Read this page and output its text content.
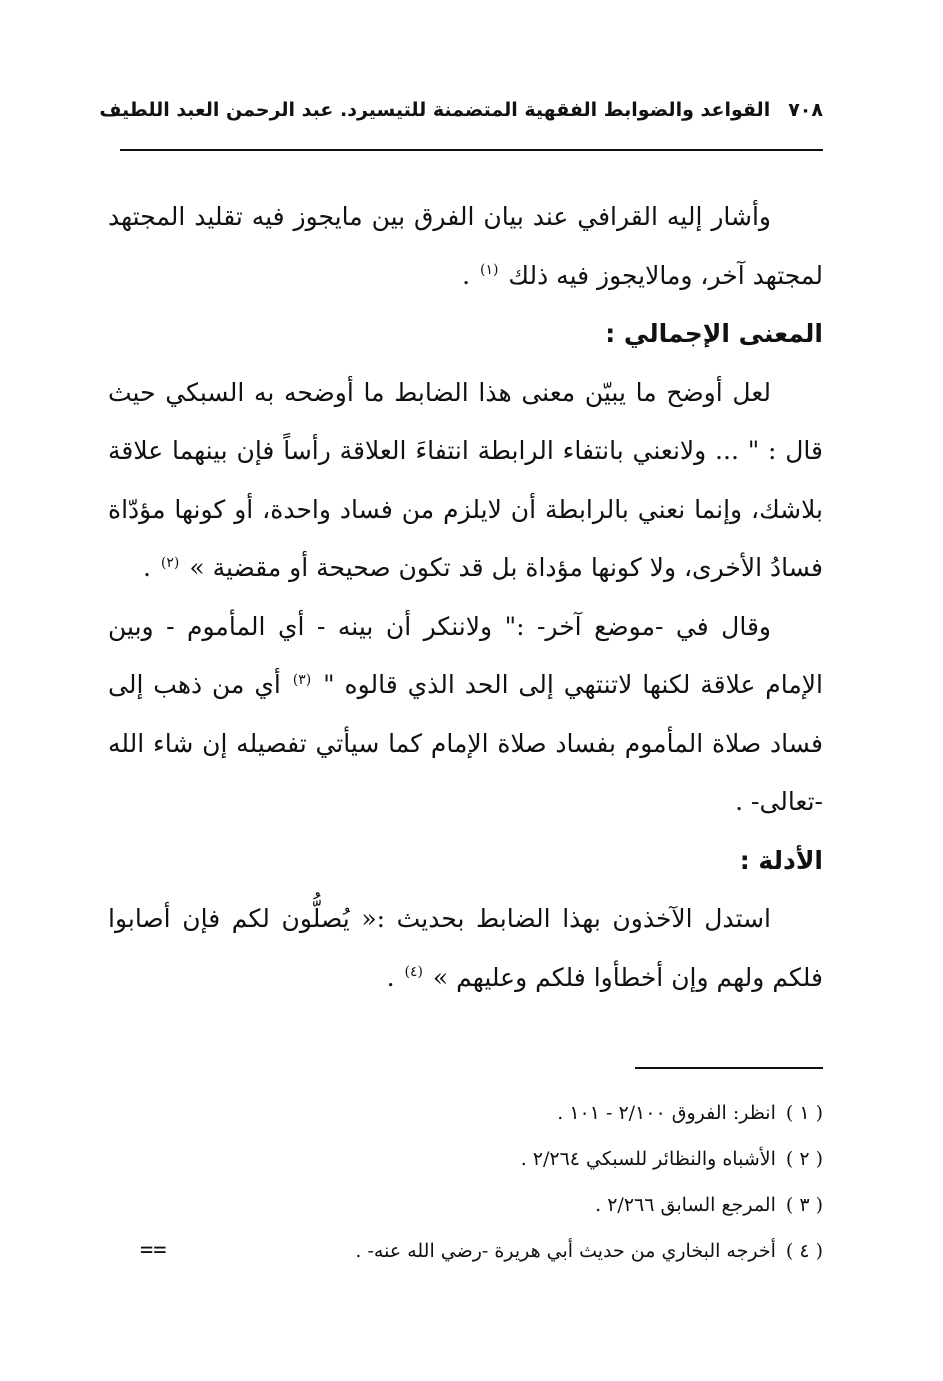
٧٠٨
القواعد والضوابط الفقهية المتضمنة للتيسير
د. عبد الرحمن العبد اللطيف

وأشار إليه القرافي عند بيان الفرق بين مايجوز فيه تقليد المجتهد لمجتهد آخر، ومالايجوز فيه ذلك $^{(١)}$ .

المعنى الإجمالي :

لعل أوضح ما يبيّن معنى هذا الضابط ما أوضحه به السبكي حيث قال : " ... ولانعني بانتفاء الرابطة انتفاءَ العلاقة رأساً فإن بينهما علاقة بلاشك، وإنما نعني بالرابطة أن لايلزم من فساد واحدة، أو كونها مؤدّاة فسادُ الأخرى، ولا كونها مؤداة بل قد تكون صحيحة أو مقضية » $^{(٢)}$ .

وقال في -موضع آخر- :" ولاننكر أن بينه - أي المأموم - وبين الإمام علاقة لكنها لاتنتهي إلى الحد الذي قالوه " $^{(٣)}$ أي من ذهب إلى فساد صلاة المأموم بفساد صلاة الإمام كما سيأتي تفصيله إن شاء الله -تعالى- .

الأدلة :

استدل الآخذون بهذا الضابط بحديث :« يُصلُّون لكم فإن أصابوا فلكم ولهم وإن أخطأوا فلكم وعليهم » $^{(٤)}$ .

( ١ )انظر: الفروق ٢/١٠٠ - ١٠١ .

( ٢ )الأشباه والنظائر للسبكي ٢/٢٦٤ .

( ٣ )المرجع السابق ٢/٢٦٦ .

( ٤ )أخرجه البخاري من حديث أبي هريرة -رضي الله عنه- .

==
